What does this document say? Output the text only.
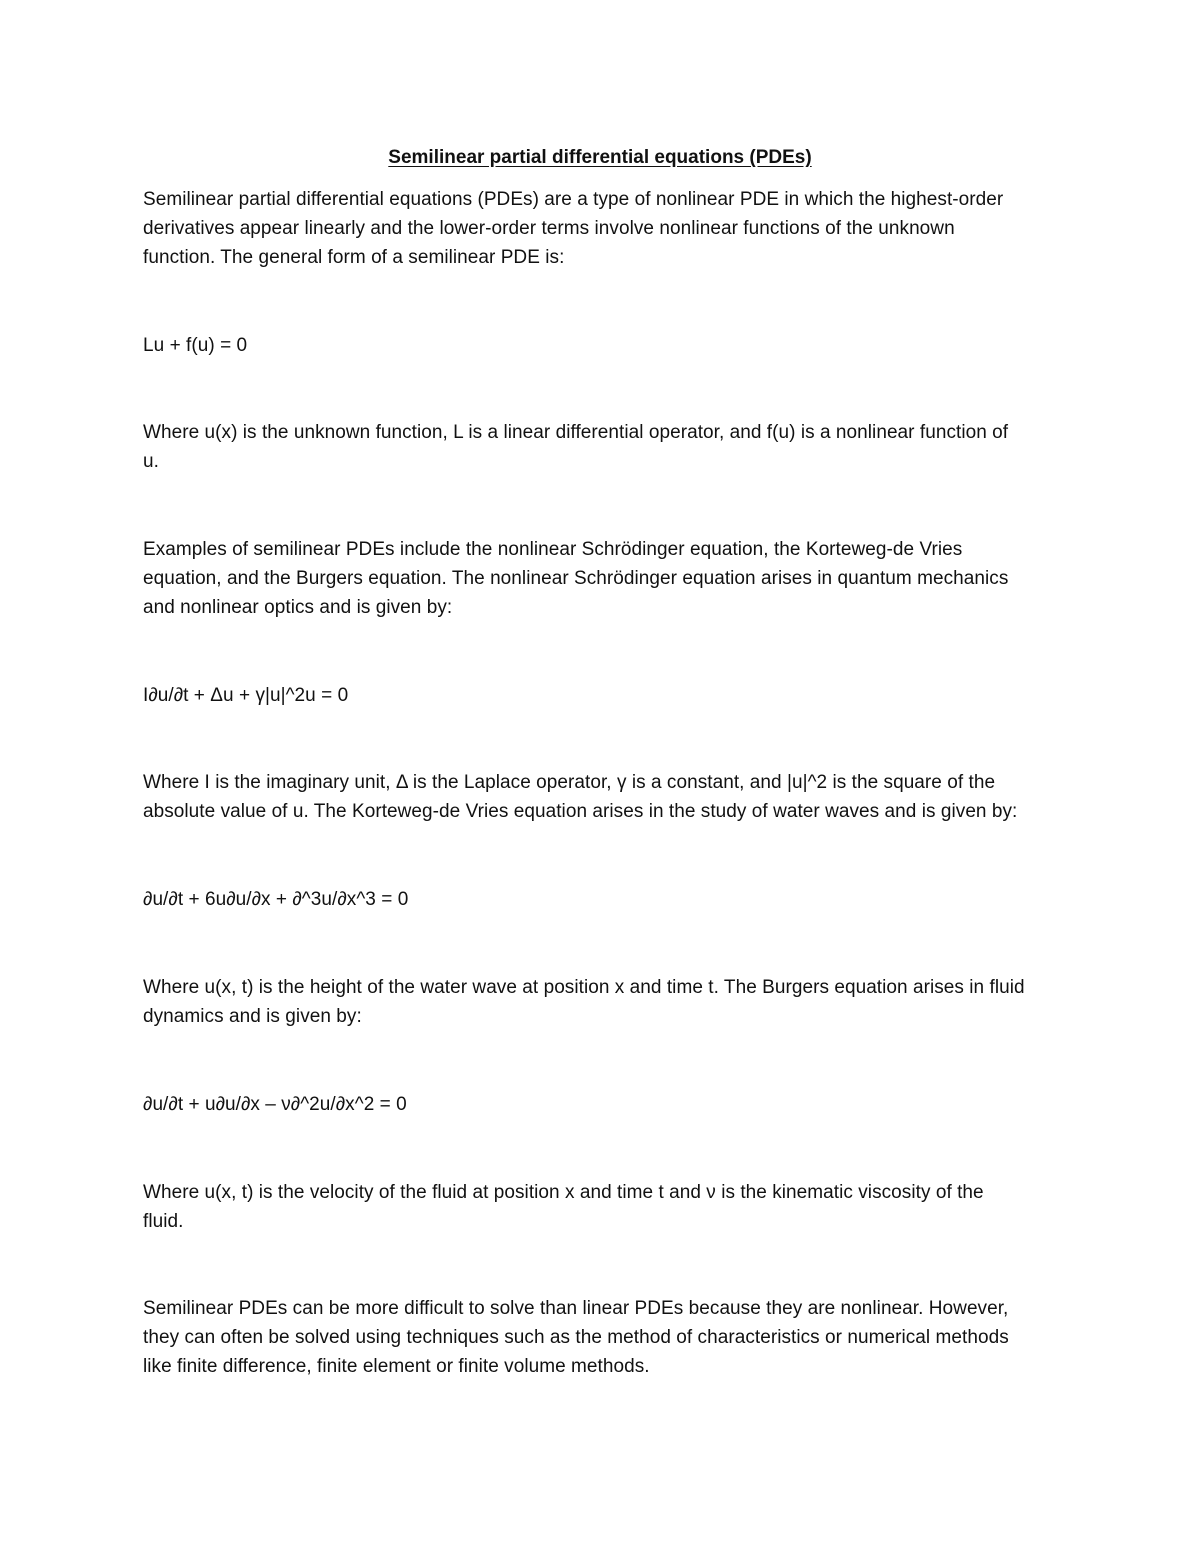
Semilinear partial differential equations (PDEs)
Semilinear partial differential equations (PDEs) are a type of nonlinear PDE in which the highest-order
derivatives appear linearly and the lower-order terms involve nonlinear functions of the unknown
function. The general form of a semilinear PDE is:
Lu + f(u) = 0
Where u(x) is the unknown function, L is a linear differential operator, and f(u) is a nonlinear function of
u.
Examples of semilinear PDEs include the nonlinear Schrödinger equation, the Korteweg-de Vries
equation, and the Burgers equation. The nonlinear Schrödinger equation arises in quantum mechanics
and nonlinear optics and is given by:
I∂u/∂t + Δu + γ|u|^2u = 0
Where I is the imaginary unit, Δ is the Laplace operator, γ is a constant, and |u|^2 is the square of the
absolute value of u. The Korteweg-de Vries equation arises in the study of water waves and is given by:
∂u/∂t + 6u∂u/∂x + ∂^3u/∂x^3 = 0
Where u(x, t) is the height of the water wave at position x and time t. The Burgers equation arises in fluid
dynamics and is given by:
∂u/∂t + u∂u/∂x – ν∂^2u/∂x^2 = 0
Where u(x, t) is the velocity of the fluid at position x and time t and ν is the kinematic viscosity of the
fluid.
Semilinear PDEs can be more difficult to solve than linear PDEs because they are nonlinear. However,
they can often be solved using techniques such as the method of characteristics or numerical methods
like finite difference, finite element or finite volume methods.
